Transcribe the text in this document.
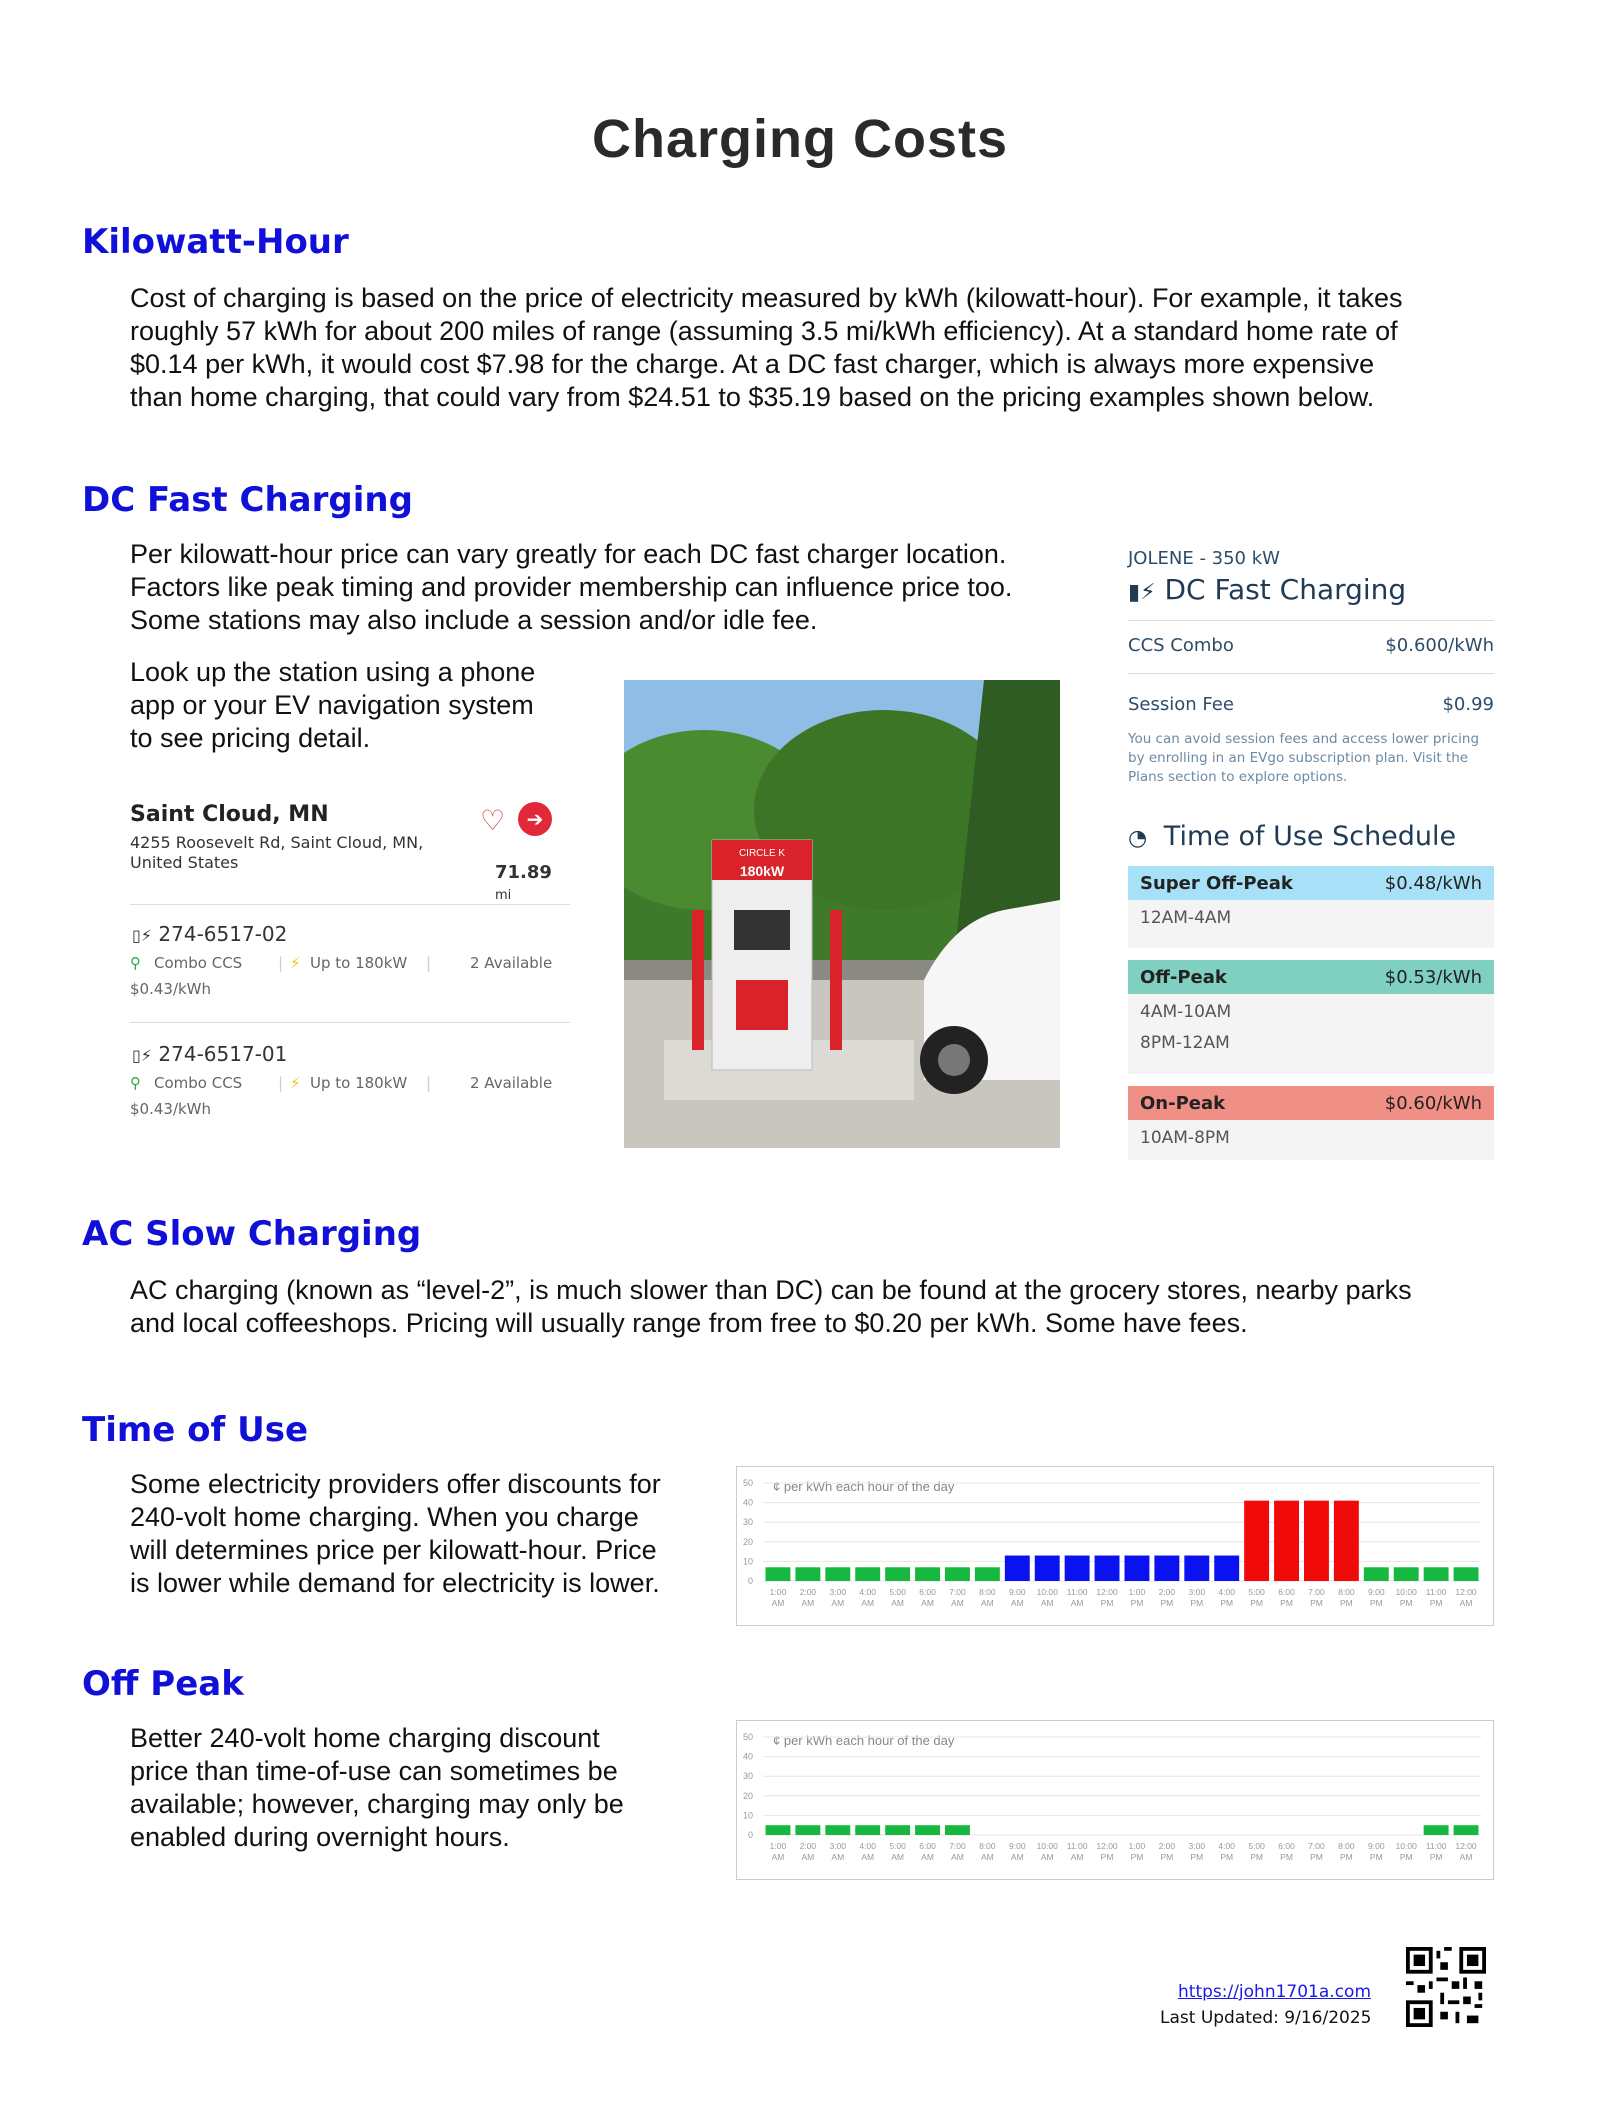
Charging Costs
Kilowatt-Hour
Cost of charging is based on the price of electricity measured by kWh (kilowatt-hour). For example, it takes
roughly 57 kWh for about 200 miles of range (assuming 3.5 mi/kWh efficiency). At a standard home rate of
$0.14 per kWh, it would cost $7.98 for the charge. At a DC fast charger, which is always more expensive
than home charging, that could vary from $24.51 to $35.19 based on the pricing examples shown below.
DC Fast Charging
Per kilowatt-hour price can vary greatly for each DC fast charger location.
Factors like peak timing and provider membership can influence price too.
Some stations may also include a session and/or idle fee.
Look up the station using a phone
app or your EV navigation system
to see pricing detail.
Saint Cloud, MN
4255 Roosevelt Rd, Saint Cloud, MN, United States
♡	➔
71.89 mi
▯⚡ 274-6517-02
⚲ Combo CCS | ⚡ Up to 180kW |	2 Available
$0.43/kWh
▯⚡ 274-6517-01
⚲ Combo CCS | ⚡ Up to 180kW |	2 Available
$0.43/kWh
CIRCLE K
180kW
JOLENE - 350 kW
▮⚡ DC Fast Charging
CCS Combo	$0.600/kWh
Session Fee	$0.99
You can avoid session fees and access lower pricing by enrolling in an EVgo subscription plan. Visit the Plans section to explore options.
◔ Time of Use Schedule
Super Off-Peak	$0.48/kWh
12AM-4AM
Off-Peak	$0.53/kWh
4AM-10AM
8PM-12AM
On-Peak	$0.60/kWh
10AM-8PM
AC Slow Charging
AC charging (known as “level-2”, is much slower than DC) can be found at the grocery stores, nearby parks
and local coffeeshops. Pricing will usually range from free to $0.20 per kWh. Some have fees.
Time of Use
Some electricity providers offer discounts for
240-volt home charging. When you charge
will determines price per kilowatt-hour. Price
is lower while demand for electricity is lower.
¢ per kWh each hour of the day
0
10
20
30
40
50
1:00
AM
2:00
AM
3:00
AM
4:00
AM
5:00
AM
6:00
AM
7:00
AM
8:00
AM
9:00
AM
10:00
AM
11:00
AM
12:00
PM
1:00
PM
2:00
PM
3:00
PM
4:00
PM
5:00
PM
6:00
PM
7:00
PM
8:00
PM
9:00
PM
10:00
PM
11:00
PM
12:00
AM
Off Peak
Better 240-volt home charging discount
price than time-of-use can sometimes be
available; however, charging may only be
enabled during overnight hours.
¢ per kWh each hour of the day
0
10
20
30
40
50
1:00
AM
2:00
AM
3:00
AM
4:00
AM
5:00
AM
6:00
AM
7:00
AM
8:00
AM
9:00
AM
10:00
AM
11:00
AM
12:00
PM
1:00
PM
2:00
PM
3:00
PM
4:00
PM
5:00
PM
6:00
PM
7:00
PM
8:00
PM
9:00
PM
10:00
PM
11:00
PM
12:00
AM
https://john1701a.com
Last Updated: 9/16/2025
